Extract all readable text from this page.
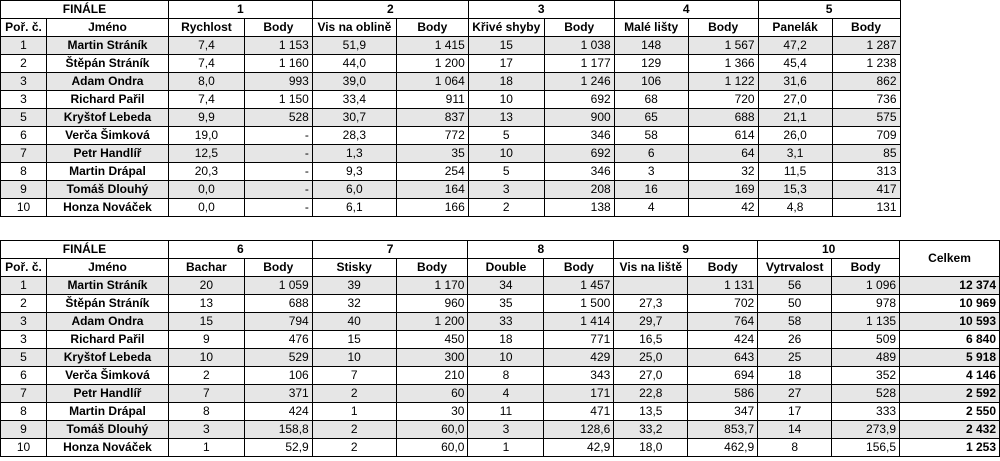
FINÁLE		1		2		3		4		5		
Poř. č.	Jméno	Rychlost	Body	Vis na oblině	Body	Křivé shyby	Body	Malé lišty	Body	Panelák	Body	
1	Martin Stráník	7,4	1 153	51,9	1 415	15	1 038	148	1 567	47,2	1 287	
2	Štěpán Stráník	7,4	1 160	44,0	1 200	17	1 177	129	1 366	45,4	1 238	
3	Adam Ondra	8,0	993	39,0	1 064	18	1 246	106	1 122	31,6	862	
3	Richard Pařil	7,4	1 150	33,4	911	10	692	68	720	27,0	736	
5	Kryštof Lebeda	9,9	528	30,7	837	13	900	65	688	21,1	575	
6	Verča Šimková	19,0	-	28,3	772	5	346	58	614	26,0	709	
7	Petr Handlíř	12,5	-	1,3	35	10	692	6	64	3,1	85	
8	Martin Drápal	20,3	-	9,3	254	5	346	3	32	11,5	313	
9	Tomáš Dlouhý	0,0	-	6,0	164	3	208	16	169	15,3	417	
10	Honza Nováček	0,0	-	6,1	166	2	138	4	42	4,8	131	
FINÁLE		6		7		8		9		10		Celkem
Poř. č.	Jméno	Bachar	Body	Stisky	Body	Double	Body	Vis na liště	Body	Vytrvalost	Body	
1	Martin Stráník	20	1 059	39	1 170	34	1 457		1 131	56	1 096	12 374
2	Štěpán Stráník	13	688	32	960	35	1 500	27,3	702	50	978	10 969
3	Adam Ondra	15	794	40	1 200	33	1 414	29,7	764	58	1 135	10 593
3	Richard Pařil	9	476	15	450	18	771	16,5	424	26	509	6 840
5	Kryštof Lebeda	10	529	10	300	10	429	25,0	643	25	489	5 918
6	Verča Šimková	2	106	7	210	8	343	27,0	694	18	352	4 146
7	Petr Handlíř	7	371	2	60	4	171	22,8	586	27	528	2 592
8	Martin Drápal	8	424	1	30	11	471	13,5	347	17	333	2 550
9	Tomáš Dlouhý	3	158,8	2	60,0	3	128,6	33,2	853,7	14	273,9	2 432
10	Honza Nováček	1	52,9	2	60,0	1	42,9	18,0	462,9	8	156,5	1 253
